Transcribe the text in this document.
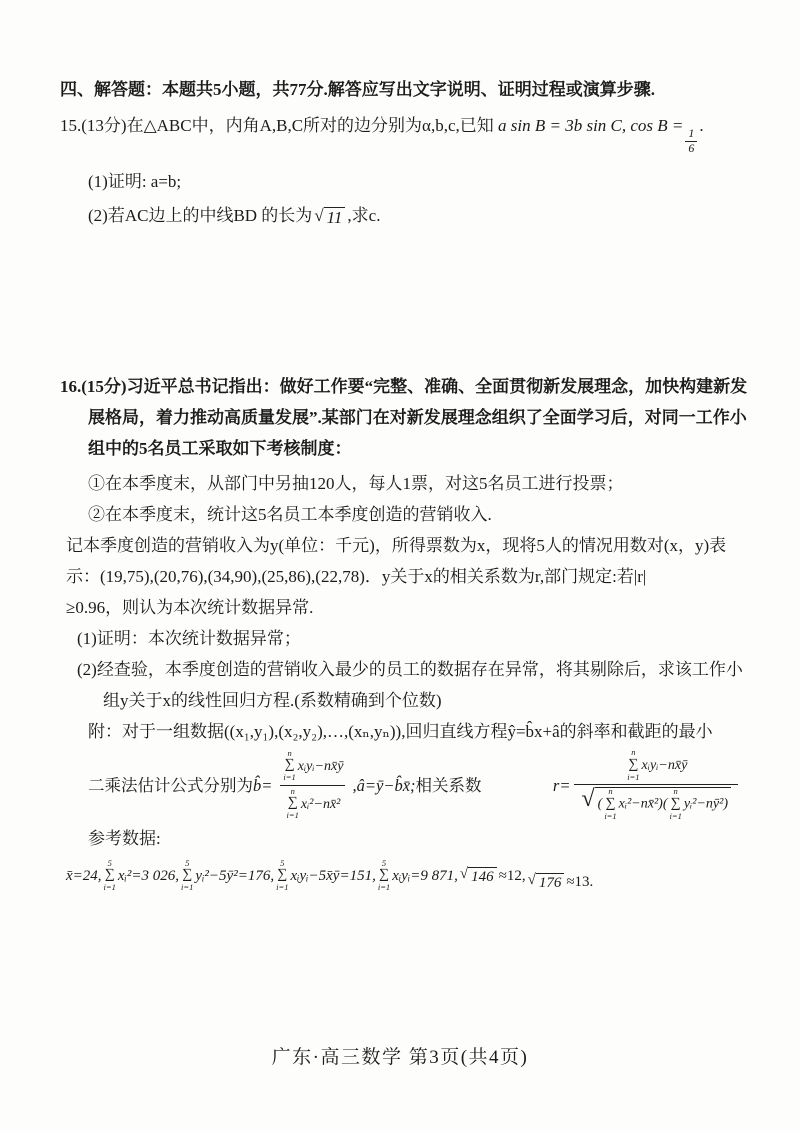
四、解答题：本题共5小题，共77分.解答应写出文字说明、证明过程或演算步骤.
15.(13分)在△ABC中，内角A,B,C所对的边分别为α,b,c,已知 a sin B = 3b sin C, cos B =
$\frac{1}{6}$
.
(1)证明: a=b;
(2)若AC边上的中线BD 的长为 √ 11 ,求c.
16.(15分)习近平总书记指出：做好工作要“完整、准确、全面贯彻新发展理念，加快构建新发
展格局，着力推动高质量发展”.某部门在对新发展理念组织了全面学习后，对同一工作小
组中的5名员工采取如下考核制度：
①在本季度末，从部门中另抽120人，每人1票，对这5名员工进行投票；
②在本季度末，统计这5名员工本季度创造的营销收入.
记本季度创造的营销收入为y(单位：千元)，所得票数为x，现将5人的情况用数对(x，y)表
示：(19,75),(20,76),(34,90),(25,86),(22,78)．y关于x的相关系数为r,部门规定:若|r|
≥0.96，则认为本次统计数据异常.
(1)证明：本次统计数据异常；
(2)经查验，本季度创造的营销收入最少的员工的数据存在异常，将其剔除后，求该工作小
组y关于x的线性回归方程.(系数精确到个位数)
附：对于一组数据((x₁,y₁),(x₂,y₂),…,(xₙ,yₙ)),回归直线方程ŷ=b̂x+â的斜率和截距的最小
二乘法估计公式分别为 b̂=
n
∑
i=1
xᵢyᵢ−nx̄ȳ
n
∑
i=1
xᵢ²−nx̄²
,â=ȳ−b̂x̄; 相关系数	r=
n
∑
i=1
xᵢyᵢ−nx̄ȳ
√ (
n
∑
i=1
xᵢ²−nx̄²)(
n
∑
i=1
yᵢ²−nȳ²)
参考数据:
x̄=24,
5
∑
i=1
xᵢ²=3 026,
5
∑
i=1
yᵢ²−5ȳ²=176,
5
∑
i=1
xᵢyᵢ−5x̄ȳ=151,
5
∑
i=1
xᵢyᵢ=9 871, √ 146 ≈12, √ 176 ≈13.
广东·高三数学 第3页(共4页)
